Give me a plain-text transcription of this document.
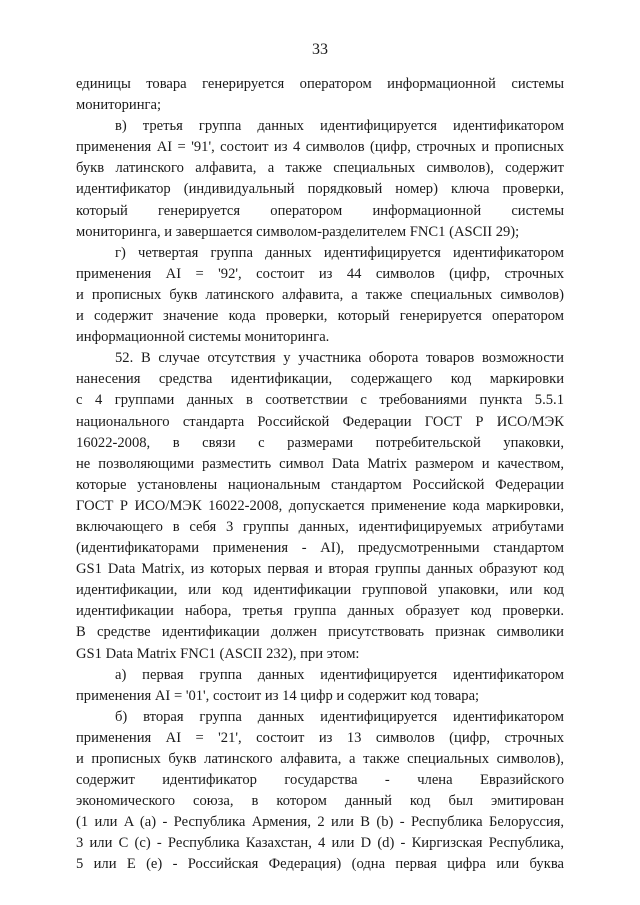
33
единицы товара генерируется оператором информационной системы
мониторинга;
в) третья группа данных идентифицируется идентификатором
применения AI = '91', состоит из 4 символов (цифр, строчных и прописных
букв латинского алфавита, а также специальных символов), содержит
идентификатор (индивидуальный порядковый номер) ключа проверки,
который генерируется оператором информационной системы
мониторинга, и завершается символом-разделителем FNC1 (ASCII 29);
г) четвертая группа данных идентифицируется идентификатором
применения AI = '92', состоит из 44 символов (цифр, строчных
и прописных букв латинского алфавита, а также специальных символов)
и содержит значение кода проверки, который генерируется оператором
информационной системы мониторинга.
52. В случае отсутствия у участника оборота товаров возможности
нанесения средства идентификации, содержащего код маркировки
с 4 группами данных в соответствии с требованиями пункта 5.5.1
национального стандарта Российской Федерации ГОСТ Р ИСО/МЭК
16022-2008, в связи с размерами потребительской упаковки,
не позволяющими разместить символ Data Matrix размером и качеством,
которые установлены национальным стандартом Российской Федерации
ГОСТ Р ИСО/МЭК 16022-2008, допускается применение кода маркировки,
включающего в себя 3 группы данных, идентифицируемых атрибутами
(идентификаторами применения - AI), предусмотренными стандартом
GS1 Data Matrix, из которых первая и вторая группы данных образуют код
идентификации, или код идентификации групповой упаковки, или код
идентификации набора, третья группа данных образует код проверки.
В средстве идентификации должен присутствовать признак символики
GS1 Data Matrix FNC1 (ASCII 232), при этом:
а) первая группа данных идентифицируется идентификатором
применения AI = '01', состоит из 14 цифр и содержит код товара;
б) вторая группа данных идентифицируется идентификатором
применения AI = '21', состоит из 13 символов (цифр, строчных
и прописных букв латинского алфавита, а также специальных символов),
содержит идентификатор государства - члена Евразийского
экономического союза, в котором данный код был эмитирован
(1 или A (a) - Республика Армения, 2 или B (b) - Республика Белоруссия,
3 или C (c) - Республика Казахстан, 4 или D (d) - Киргизская Республика,
5 или E (e) - Российская Федерация) (одна первая цифра или буква
